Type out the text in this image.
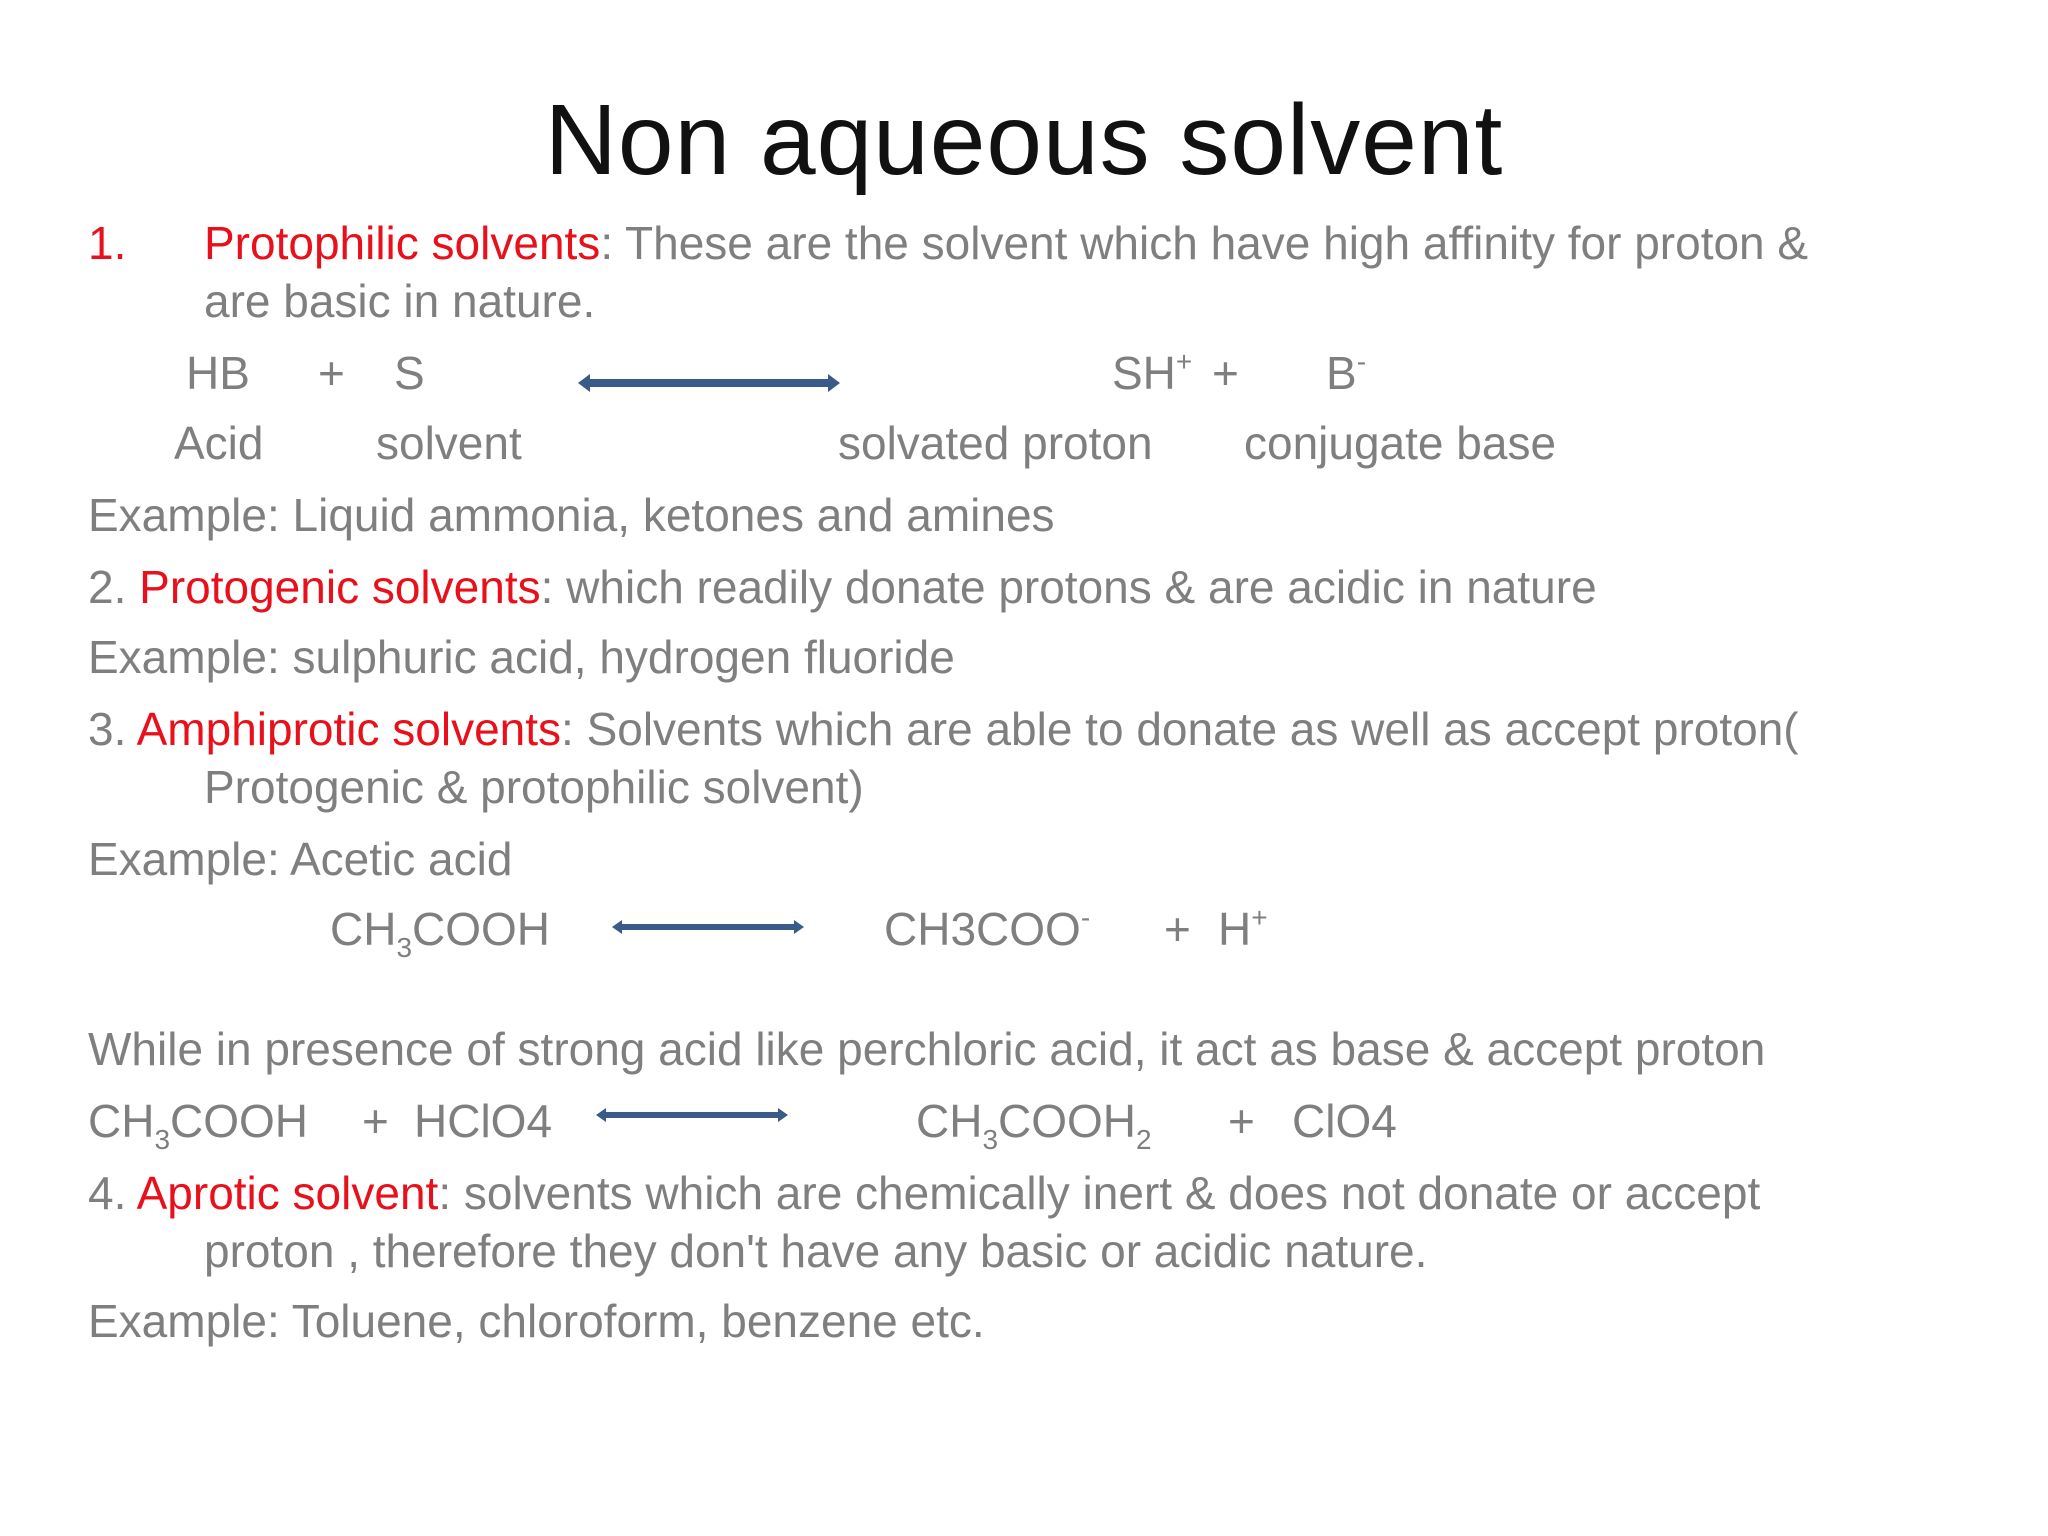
Non aqueous solvent
1. Protophilic solvents: These are the solvent which have high affinity for proton &
are basic in nature.
HB + S	SH+ + B-
Acid solvent	solvated proton conjugate base
Example: Liquid ammonia, ketones and amines
2. Protogenic solvents: which readily donate protons & are acidic in nature
Example: sulphuric acid, hydrogen fluoride
3. Amphiprotic solvents: Solvents which are able to donate as well as accept proton(
Protogenic & protophilic solvent)
Example: Acetic acid
$CH_3COOH$	CH3COO- + H+
While in presence of strong acid like perchloric acid, it act as base & accept proton
$CH_3COOH$ + HClO4	$CH_3COOH_2 + ClO4$
4. Aprotic solvent: solvents which are chemically inert & does not donate or accept
proton , therefore they don't have any basic or acidic nature.
Example: Toluene, chloroform, benzene etc.
